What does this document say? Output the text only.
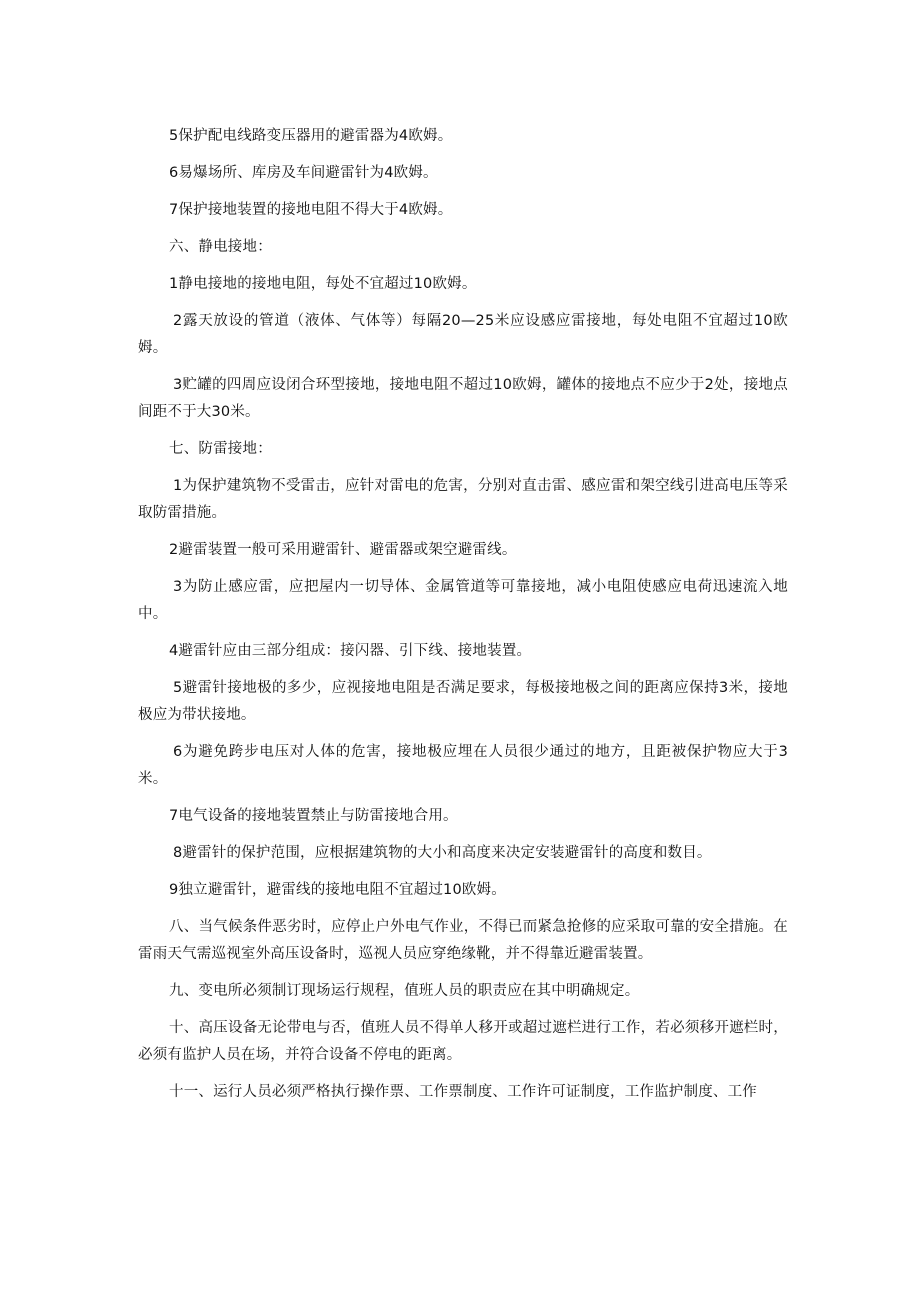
5保护配电线路变压器用的避雷器为4欧姆。

6易爆场所、库房及车间避雷针为4欧姆。

7保护接地装置的接地电阻不得大于4欧姆。

六、静电接地：

1静电接地的接地电阻，每处不宜超过10欧姆。

2露天放设的管道（液体、气体等）每隔20—25米应设感应雷接地，每处电阻不宜超过10欧姆。

3贮罐的四周应设闭合环型接地，接地电阻不超过10欧姆，罐体的接地点不应少于2处，接地点间距不于大30米。

七、防雷接地：

1为保护建筑物不受雷击，应针对雷电的危害，分别对直击雷、感应雷和架空线引进高电压等采取防雷措施。

2避雷装置一般可采用避雷针、避雷器或架空避雷线。

3为防止感应雷，应把屋内一切导体、金属管道等可靠接地，减小电阻使感应电荷迅速流入地中。

4避雷针应由三部分组成：接闪器、引下线、接地装置。

5避雷针接地极的多少，应视接地电阻是否满足要求，每极接地极之间的距离应保持3米，接地极应为带状接地。

6为避免跨步电压对人体的危害，接地极应埋在人员很少通过的地方，且距被保护物应大于3米。

7电气设备的接地装置禁止与防雷接地合用。

8避雷针的保护范围，应根据建筑物的大小和高度来决定安装避雷针的高度和数目。

9独立避雷针，避雷线的接地电阻不宜超过10欧姆。

八、当气候条件恶劣时，应停止户外电气作业，不得已而紧急抢修的应采取可靠的安全措施。在雷雨天气需巡视室外高压设备时，巡视人员应穿绝缘靴，并不得靠近避雷装置。

九、变电所必须制订现场运行规程，值班人员的职责应在其中明确规定。

十、高压设备无论带电与否，值班人员不得单人移开或超过遮栏进行工作，若必须移开遮栏时，必须有监护人员在场，并符合设备不停电的距离。

十一、运行人员必须严格执行操作票、工作票制度、工作许可证制度，工作监护制度、工作
